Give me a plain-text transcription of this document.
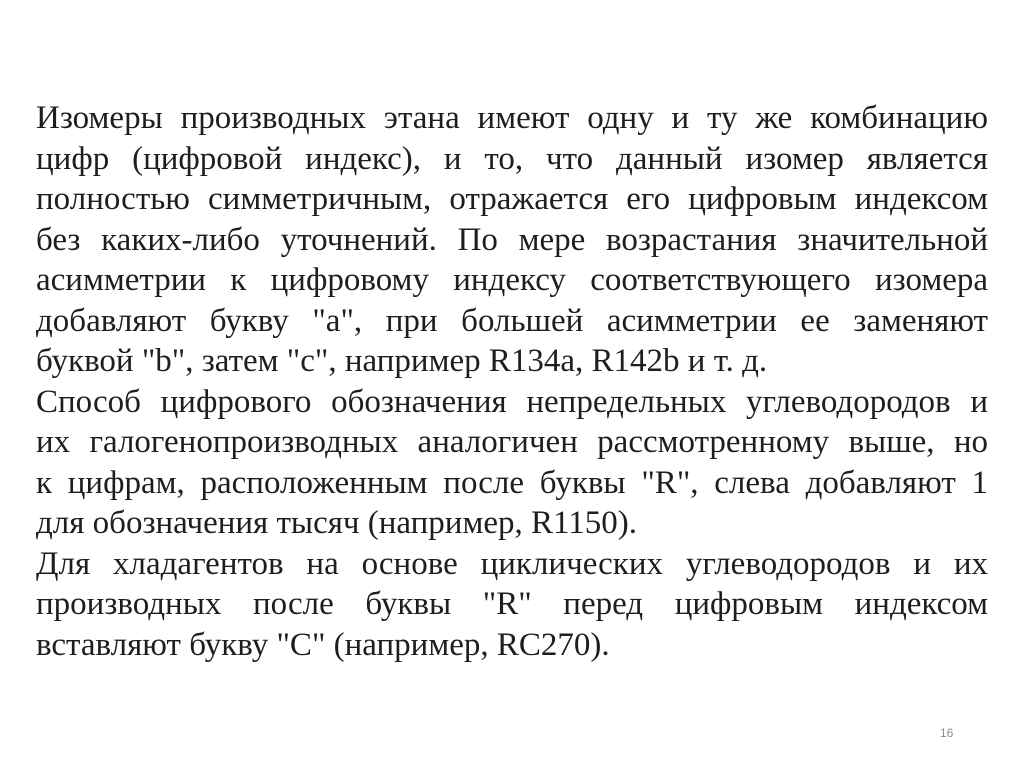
Изомеры производных этана имеют одну и ту же комбинацию
цифр (цифровой индекс), и то, что данный изомер является
полностью симметричным, отражается его цифровым индексом
без каких-либо уточнений. По мере возрастания значительной
асимметрии к цифровому индексу соответствующего изомера
добавляют букву "a", при большей асимметрии ее заменяют
буквой "b", затем "c", например R134a, R142b и т. д.
Способ цифрового обозначения непредельных углеводородов и
их галогенопроизводных аналогичен рассмотренному выше, но
к цифрам, расположенным после буквы "R", слева добавляют 1
для обозначения тысяч (например, R1150).
Для хладагентов на основе циклических углеводородов и их
производных после буквы "R" перед цифровым индексом
вставляют букву "C" (например, RC270).
16
